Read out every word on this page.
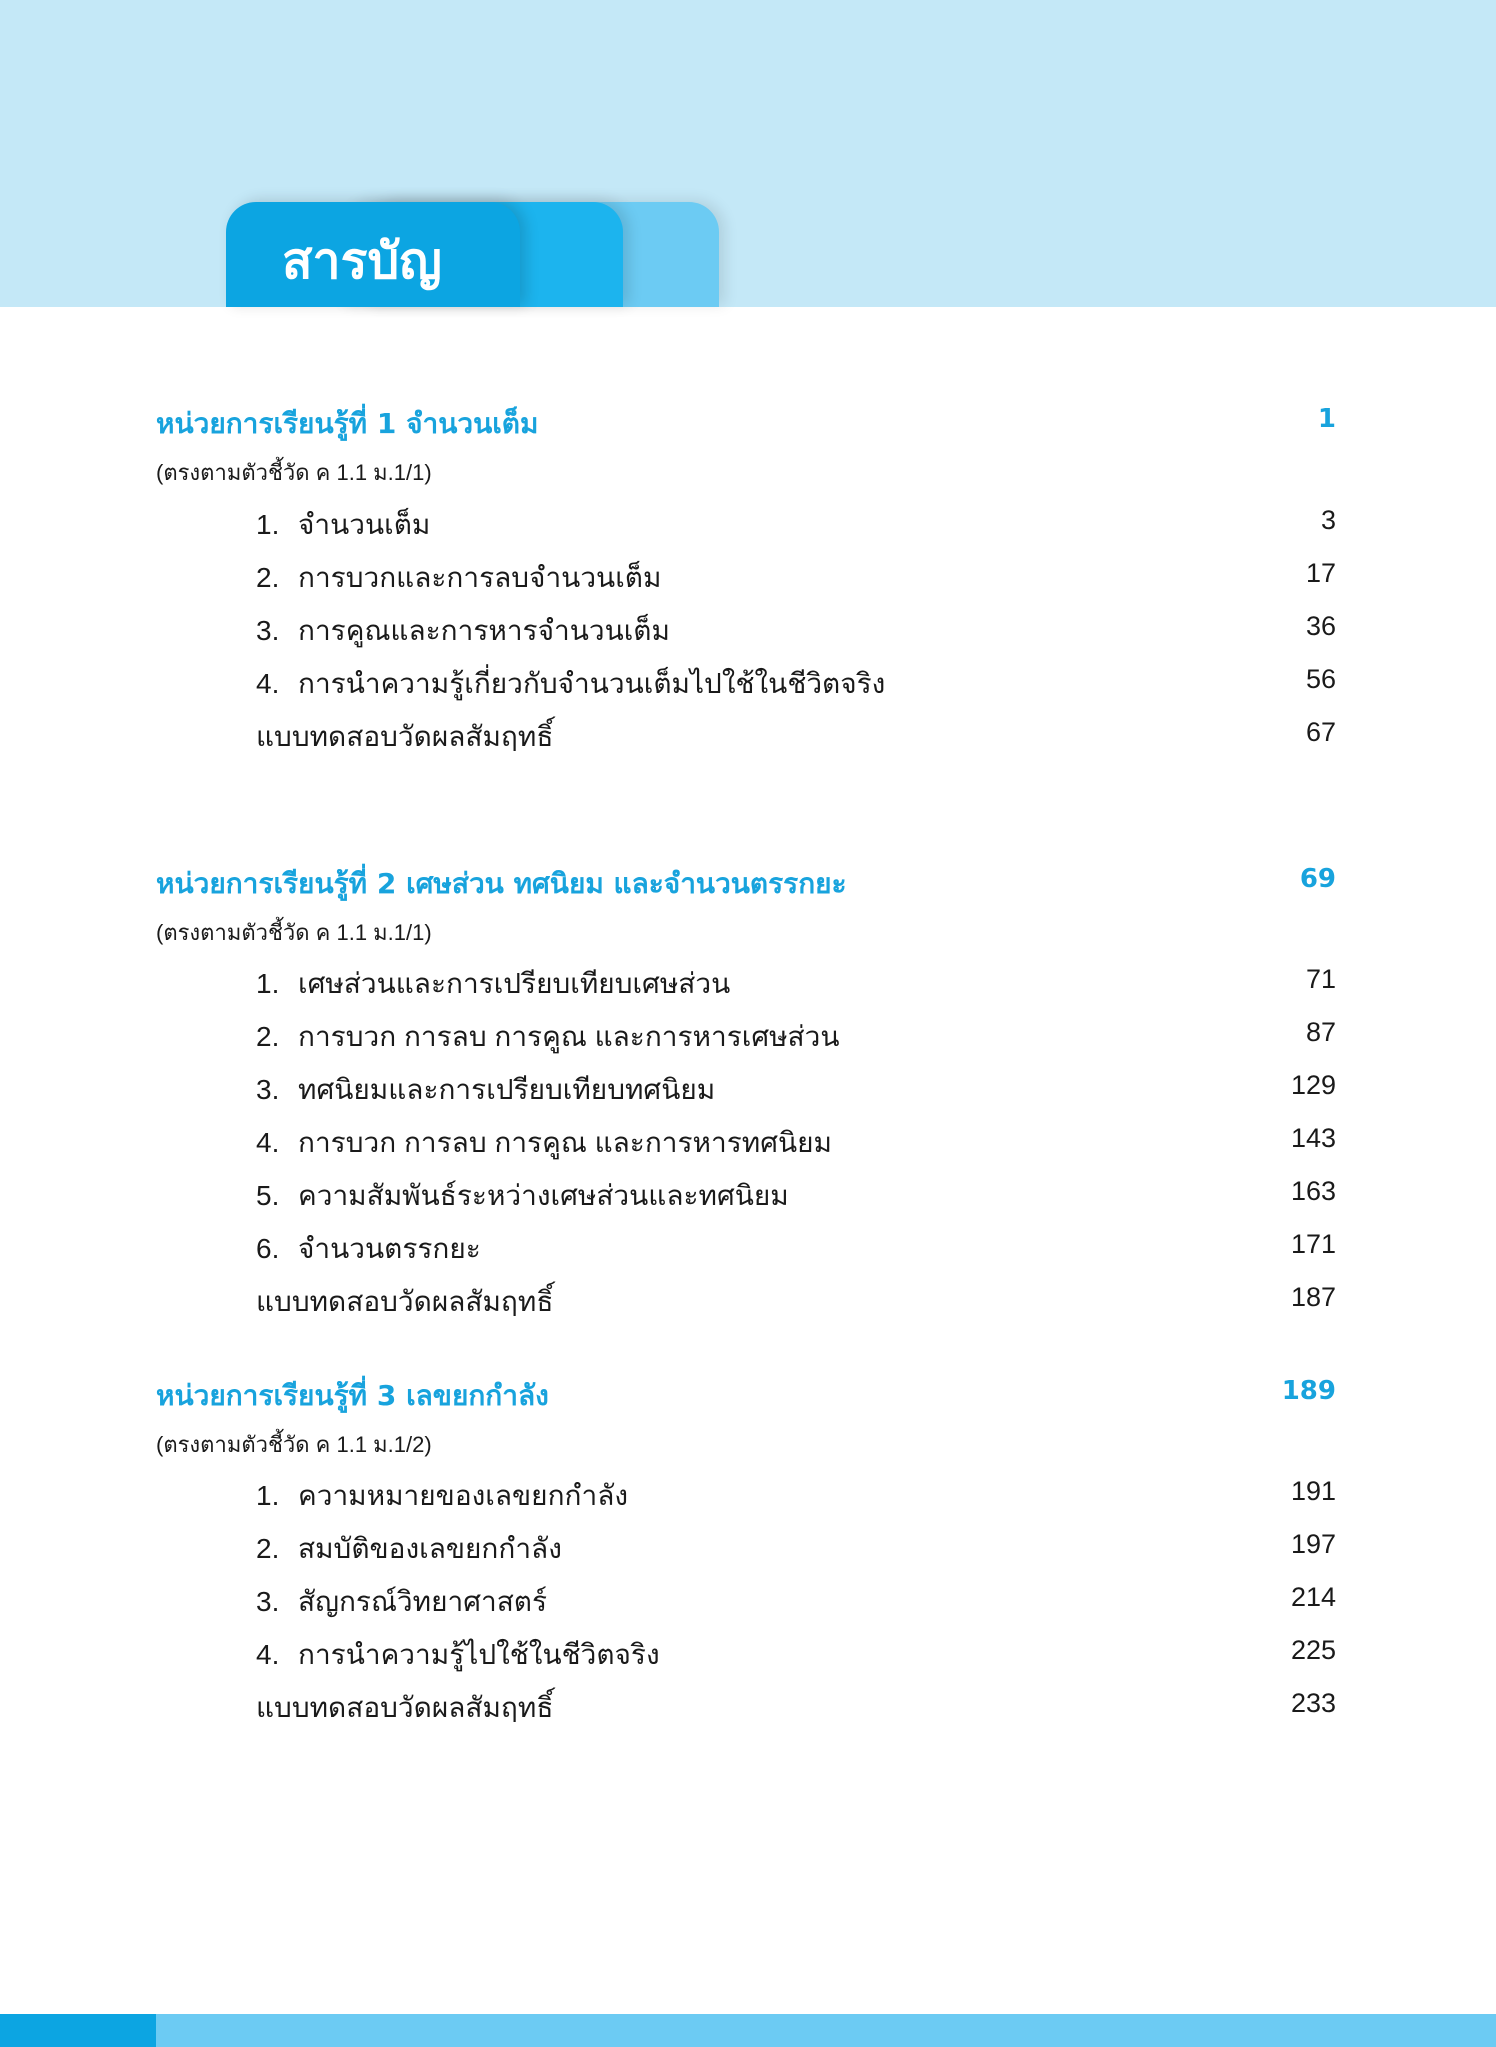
สารบัญ
หน่วยการเรียนรู้ที่ 1 จำนวนเต็ม	1
(ตรงตามตัวชี้วัด ค 1.1 ม.1/1)
1. จำนวนเต็ม	3
2. การบวกและการลบจำนวนเต็ม	17
3. การคูณและการหารจำนวนเต็ม	36
4. การนำความรู้เกี่ยวกับจำนวนเต็มไปใช้ในชีวิตจริง	56
แบบทดสอบวัดผลสัมฤทธิ์	67
หน่วยการเรียนรู้ที่ 2 เศษส่วน ทศนิยม และจำนวนตรรกยะ	69
(ตรงตามตัวชี้วัด ค 1.1 ม.1/1)
1. เศษส่วนและการเปรียบเทียบเศษส่วน	71
2. การบวก การลบ การคูณ และการหารเศษส่วน	87
3. ทศนิยมและการเปรียบเทียบทศนิยม	129
4. การบวก การลบ การคูณ และการหารทศนิยม	143
5. ความสัมพันธ์ระหว่างเศษส่วนและทศนิยม	163
6. จำนวนตรรกยะ	171
แบบทดสอบวัดผลสัมฤทธิ์	187
หน่วยการเรียนรู้ที่ 3 เลขยกกำลัง	189
(ตรงตามตัวชี้วัด ค 1.1 ม.1/2)
1. ความหมายของเลขยกกำลัง	191
2. สมบัติของเลขยกกำลัง	197
3. สัญกรณ์วิทยาศาสตร์	214
4. การนำความรู้ไปใช้ในชีวิตจริง	225
แบบทดสอบวัดผลสัมฤทธิ์	233
